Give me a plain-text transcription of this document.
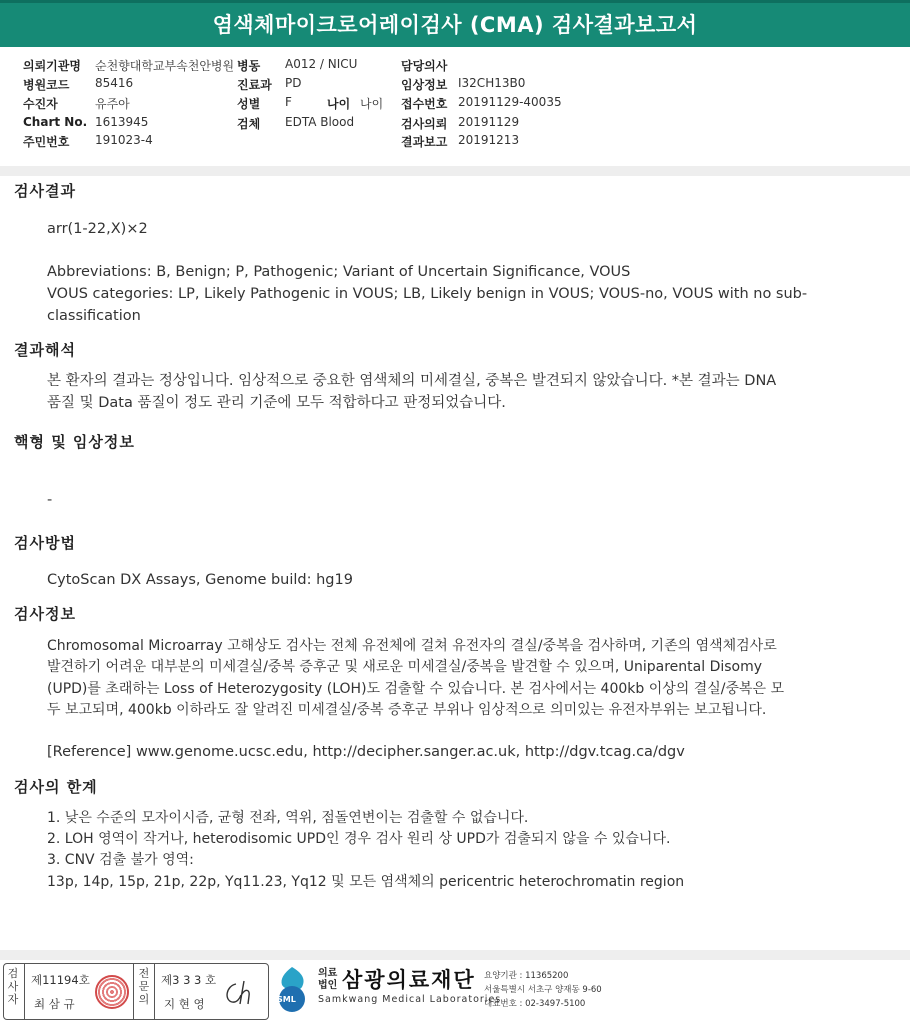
염색체마이크로어레이검사 (CMA) 검사결과보고서
의뢰기관명 순천향대학교부속천안병원
병원코드 85416
수진자	유주아
Chart No. 1613945
주민번호 191023-4
병동 A012 / NICU
진료과 PD
성별 F	나이 나이
검체 EDTA Blood
담당의사
임상정보 I32CH13B0
접수번호 20191129-40035
검사의뢰 20191129
결과보고 20191213
검사결과
arr(1-22,X)×2
Abbreviations: B, Benign; P, Pathogenic; Variant of Uncertain Significance, VOUS
VOUS categories: LP, Likely Pathogenic in VOUS; LB, Likely benign in VOUS; VOUS-no, VOUS with no sub-
classification
결과해석
본 환자의 결과는 정상입니다. 임상적으로 중요한 염색체의 미세결실, 중복은 발견되지 않았습니다. *본 결과는 DNA
품질 및 Data 품질이 정도 관리 기준에 모두 적합하다고 판정되었습니다.
핵형 및 임상정보
-
검사방법
CytoScan DX Assays, Genome build: hg19
검사정보
Chromosomal Microarray 고해상도 검사는 전체 유전체에 걸쳐 유전자의 결실/중복을 검사하며, 기존의 염색체검사로
발견하기 어려운 대부분의 미세결실/중복 증후군 및 새로운 미세결실/중복을 발견할 수 있으며, Uniparental Disomy
(UPD)를 초래하는 Loss of Heterozygosity (LOH)도 검출할 수 있습니다. 본 검사에서는 400kb 이상의 결실/중복은 모
두 보고되며, 400kb 이하라도 잘 알려진 미세결실/중복 증후군 부위나 임상적으로 의미있는 유전자부위는 보고됩니다.
[Reference] www.genome.ucsc.edu, http://decipher.sanger.ac.uk, http://dgv.tcag.ca/dgv
검사의 한계
1. 낮은 수준의 모자이시즘, 균형 전좌, 역위, 점돌연변이는 검출할 수 없습니다.
2. LOH 영역이 작거나, heterodisomic UPD인 경우 검사 원리 상 UPD가 검출되지 않을 수 있습니다.
3. CNV 검출 불가 영역:
13p, 14p, 15p, 21p, 22p, Yq11.23, Yq12 및 모든 염색체의 pericentric heterochromatin region
검사자
제11194호
최 삼 규
전문의
제3 3 3 호
지 현 영	SML
의료
법인 삼광의료재단
Samkwang Medical Laboratories
요양기관 : 11365200
서울특별시 서초구 양재동 9-60
대표번호 : 02-3497-5100
